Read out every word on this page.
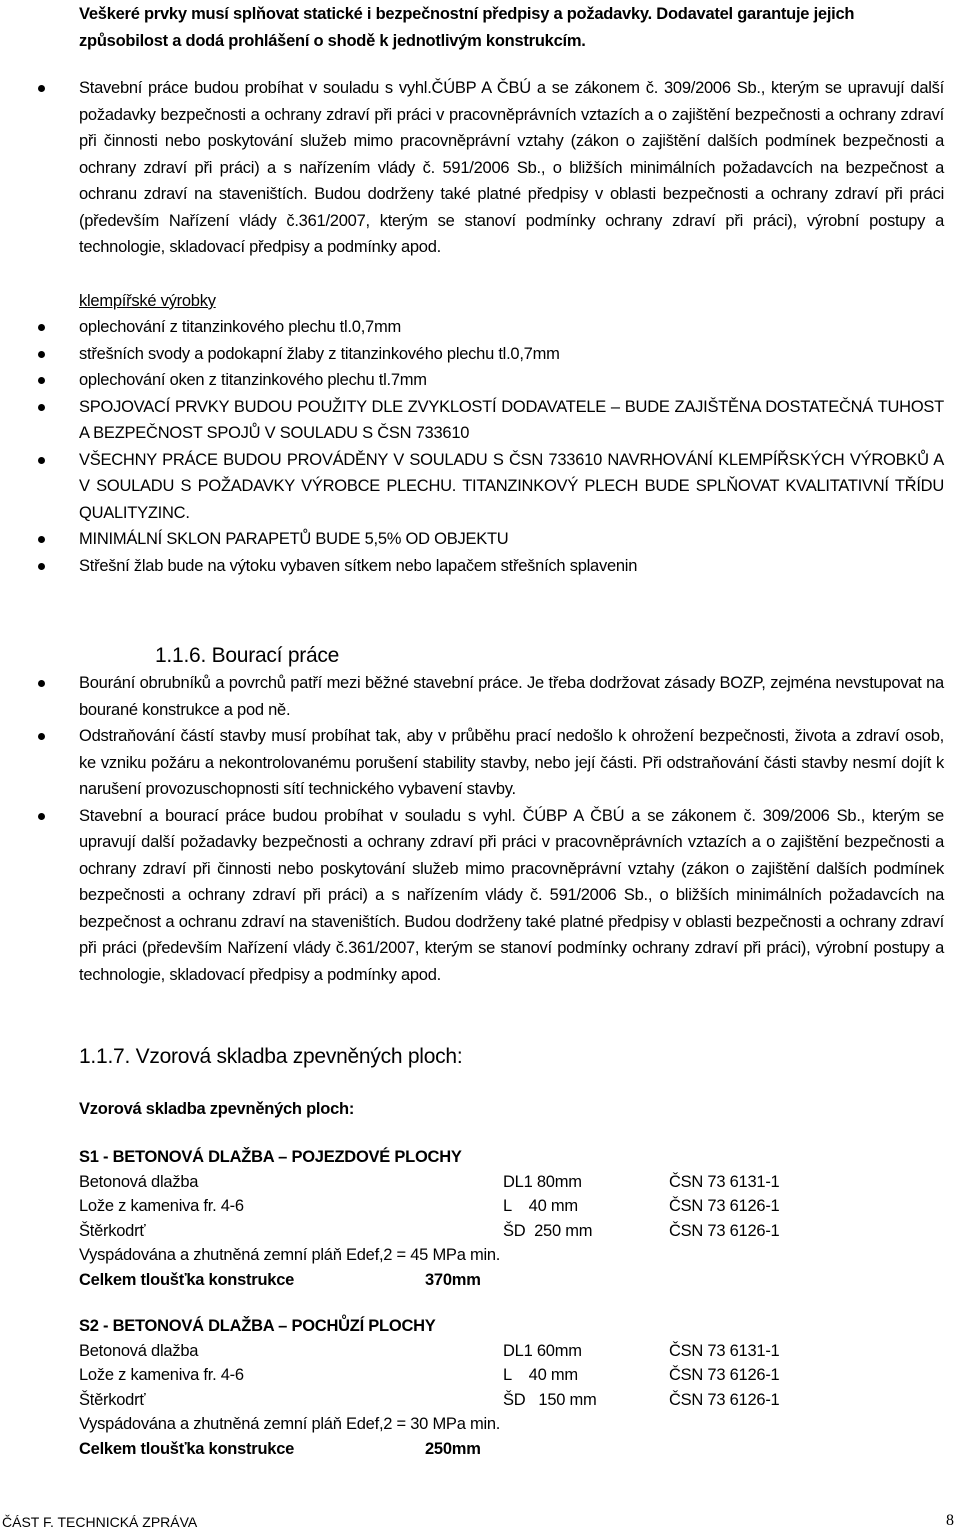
Veškeré prvky musí splňovat statické i bezpečnostní předpisy a požadavky. Dodavatel garantuje jejich způsobilost a dodá prohlášení o shodě k jednotlivým konstrukcím.

Stavební práce budou probíhat v souladu s vyhl.ČÚBP A ČBÚ a se zákonem č. 309/2006 Sb., kterým se upravují další požadavky bezpečnosti a ochrany zdraví při práci v pracovněprávních vztazích a o zajištění bezpečnosti a ochrany zdraví při činnosti nebo poskytování služeb mimo pracovněprávní vztahy (zákon o zajištění dalších podmínek bezpečnosti a ochrany zdraví při práci) a s nařízením vlády č. 591/2006 Sb., o bližších minimálních požadavcích na bezpečnost a ochranu zdraví na staveništích. Budou dodrženy také platné předpisy v oblasti bezpečnosti a ochrany zdraví při práci (především Nařízení vlády č.361/2007, kterým se stanoví podmínky ochrany zdraví při práci), výrobní postupy a technologie, skladovací předpisy a podmínky apod.

klempířské výrobky

oplechování z titanzinkového plechu tl.0,7mm
střešních svody a podokapní žlaby z titanzinkového plechu tl.0,7mm
oplechování oken z titanzinkového plechu tl.7mm
SPOJOVACÍ PRVKY BUDOU POUŽITY DLE ZVYKLOSTÍ DODAVATELE – BUDE ZAJIŠTĚNA DOSTATEČNÁ TUHOST A BEZPEČNOST SPOJŮ V SOULADU S ČSN 733610
VŠECHNY PRÁCE BUDOU PROVÁDĚNY V SOULADU S ČSN 733610 NAVRHOVÁNÍ KLEMPÍŘSKÝCH VÝROBKŮ A V SOULADU S POŽADAVKY VÝROBCE PLECHU. TITANZINKOVÝ PLECH BUDE SPLŇOVAT KVALITATIVNÍ TŘÍDU QUALITYZINC.
MINIMÁLNÍ SKLON PARAPETŮ BUDE 5,5% OD OBJEKTU
Střešní žlab bude na výtoku vybaven sítkem nebo lapačem střešních splavenin

1.1.6. Bourací práce

Bourání obrubníků a povrchů patří mezi běžné stavební práce. Je třeba dodržovat zásady BOZP, zejména nevstupovat na bourané konstrukce a pod ně.
Odstraňování částí stavby musí probíhat tak, aby v průběhu prací nedošlo k ohrožení bezpečnosti, života a zdraví osob, ke vzniku požáru a nekontrolovanému porušení stability stavby, nebo její části. Při odstraňování části stavby nesmí dojít k narušení provozuschopnosti sítí technického vybavení stavby.
Stavební a bourací práce budou probíhat v souladu s vyhl. ČÚBP A ČBÚ a se zákonem č. 309/2006 Sb., kterým se upravují další požadavky bezpečnosti a ochrany zdraví při práci v pracovněprávních vztazích a o zajištění bezpečnosti a ochrany zdraví při činnosti nebo poskytování služeb mimo pracovněprávní vztahy (zákon o zajištění dalších podmínek bezpečnosti a ochrany zdraví při práci) a s nařízením vlády č. 591/2006 Sb., o bližších minimálních požadavcích na bezpečnost a ochranu zdraví na staveništích. Budou dodrženy také platné předpisy v oblasti bezpečnosti a ochrany zdraví při práci (především Nařízení vlády č.361/2007, kterým se stanoví podmínky ochrany zdraví při práci), výrobní postupy a technologie, skladovací předpisy a podmínky apod.

1.1.7. Vzorová skladba zpevněných ploch:

Vzorová skladba zpevněných ploch:

S1 - BETONOVÁ DLAŽBA – POJEZDOVÉ PLOCHY
Betonová dlažba	DL1 80mm	ČSN 73 6131-1
Lože z kameniva fr. 4-6	L    40 mm	ČSN 73 6126-1
Štěrkodrť	ŠD  250 mm	ČSN 73 6126-1
Vyspádována a zhutněná zemní pláň Edef,2 = 45 MPa min.
Celkem tloušťka konstrukce	370mm
S2 - BETONOVÁ DLAŽBA – POCHŮZÍ PLOCHY
Betonová dlažba	DL1 60mm	ČSN 73 6131-1
Lože z kameniva fr. 4-6	L    40 mm	ČSN 73 6126-1
Štěrkodrť	ŠD   150 mm	ČSN 73 6126-1
Vyspádována a zhutněná zemní pláň Edef,2 = 30 MPa min.
Celkem tloušťka konstrukce	250mm
ČÁST F. TECHNICKÁ ZPRÁVA	8
